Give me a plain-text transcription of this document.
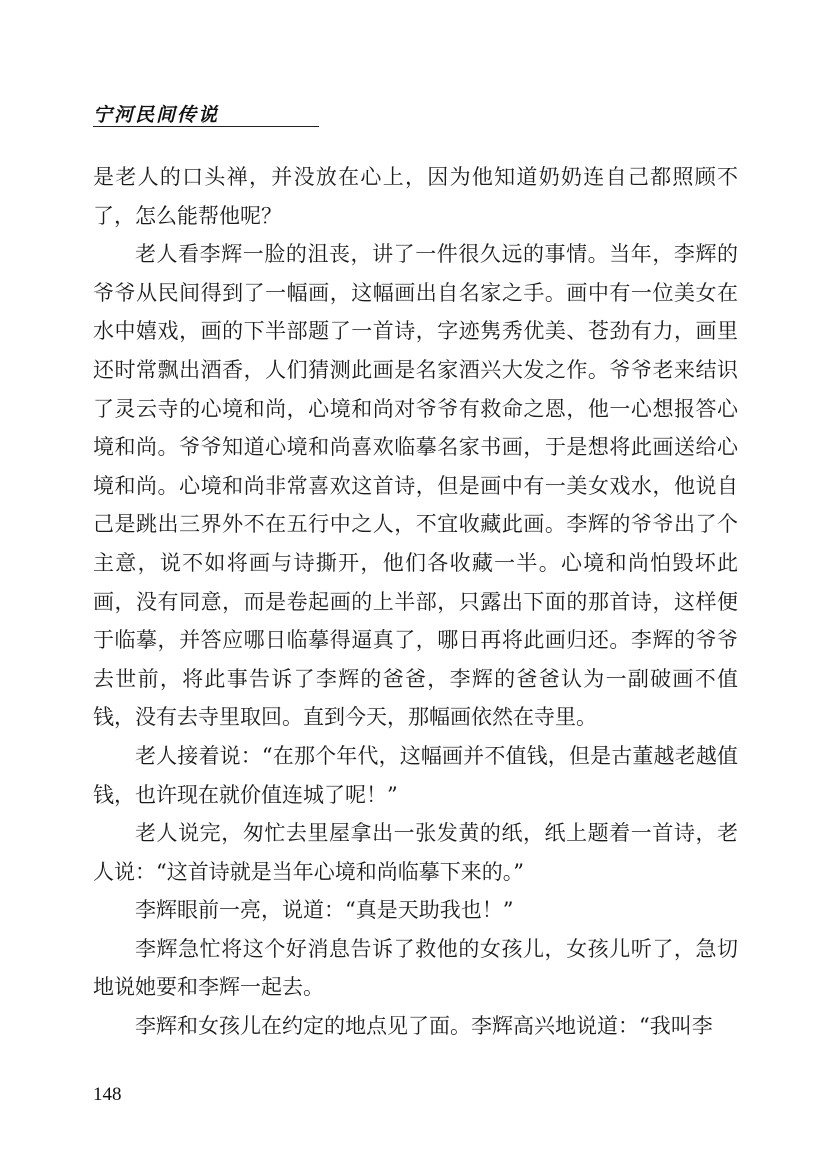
宁河民间传说

是老人的口头禅，并没放在心上，因为他知道奶奶连自己都照顾不了，怎么能帮他呢？

老人看李辉一脸的沮丧，讲了一件很久远的事情。当年，李辉的爷爷从民间得到了一幅画，这幅画出自名家之手。画中有一位美女在水中嬉戏，画的下半部题了一首诗，字迹隽秀优美、苍劲有力，画里还时常飘出酒香，人们猜测此画是名家酒兴大发之作。爷爷老来结识了灵云寺的心境和尚，心境和尚对爷爷有救命之恩，他一心想报答心境和尚。爷爷知道心境和尚喜欢临摹名家书画，于是想将此画送给心境和尚。心境和尚非常喜欢这首诗，但是画中有一美女戏水，他说自己是跳出三界外不在五行中之人，不宜收藏此画。李辉的爷爷出了个主意，说不如将画与诗撕开，他们各收藏一半。心境和尚怕毁坏此画，没有同意，而是卷起画的上半部，只露出下面的那首诗，这样便于临摹，并答应哪日临摹得逼真了，哪日再将此画归还。李辉的爷爷去世前，将此事告诉了李辉的爸爸，李辉的爸爸认为一副破画不值钱，没有去寺里取回。直到今天，那幅画依然在寺里。

老人接着说：“在那个年代，这幅画并不值钱，但是古董越老越值钱，也许现在就价值连城了呢！”

老人说完，匆忙去里屋拿出一张发黄的纸，纸上题着一首诗，老人说：“这首诗就是当年心境和尚临摹下来的。”

李辉眼前一亮，说道：“真是天助我也！”

李辉急忙将这个好消息告诉了救他的女孩儿，女孩儿听了，急切地说她要和李辉一起去。

李辉和女孩儿在约定的地点见了面。李辉高兴地说道：“我叫李

148
